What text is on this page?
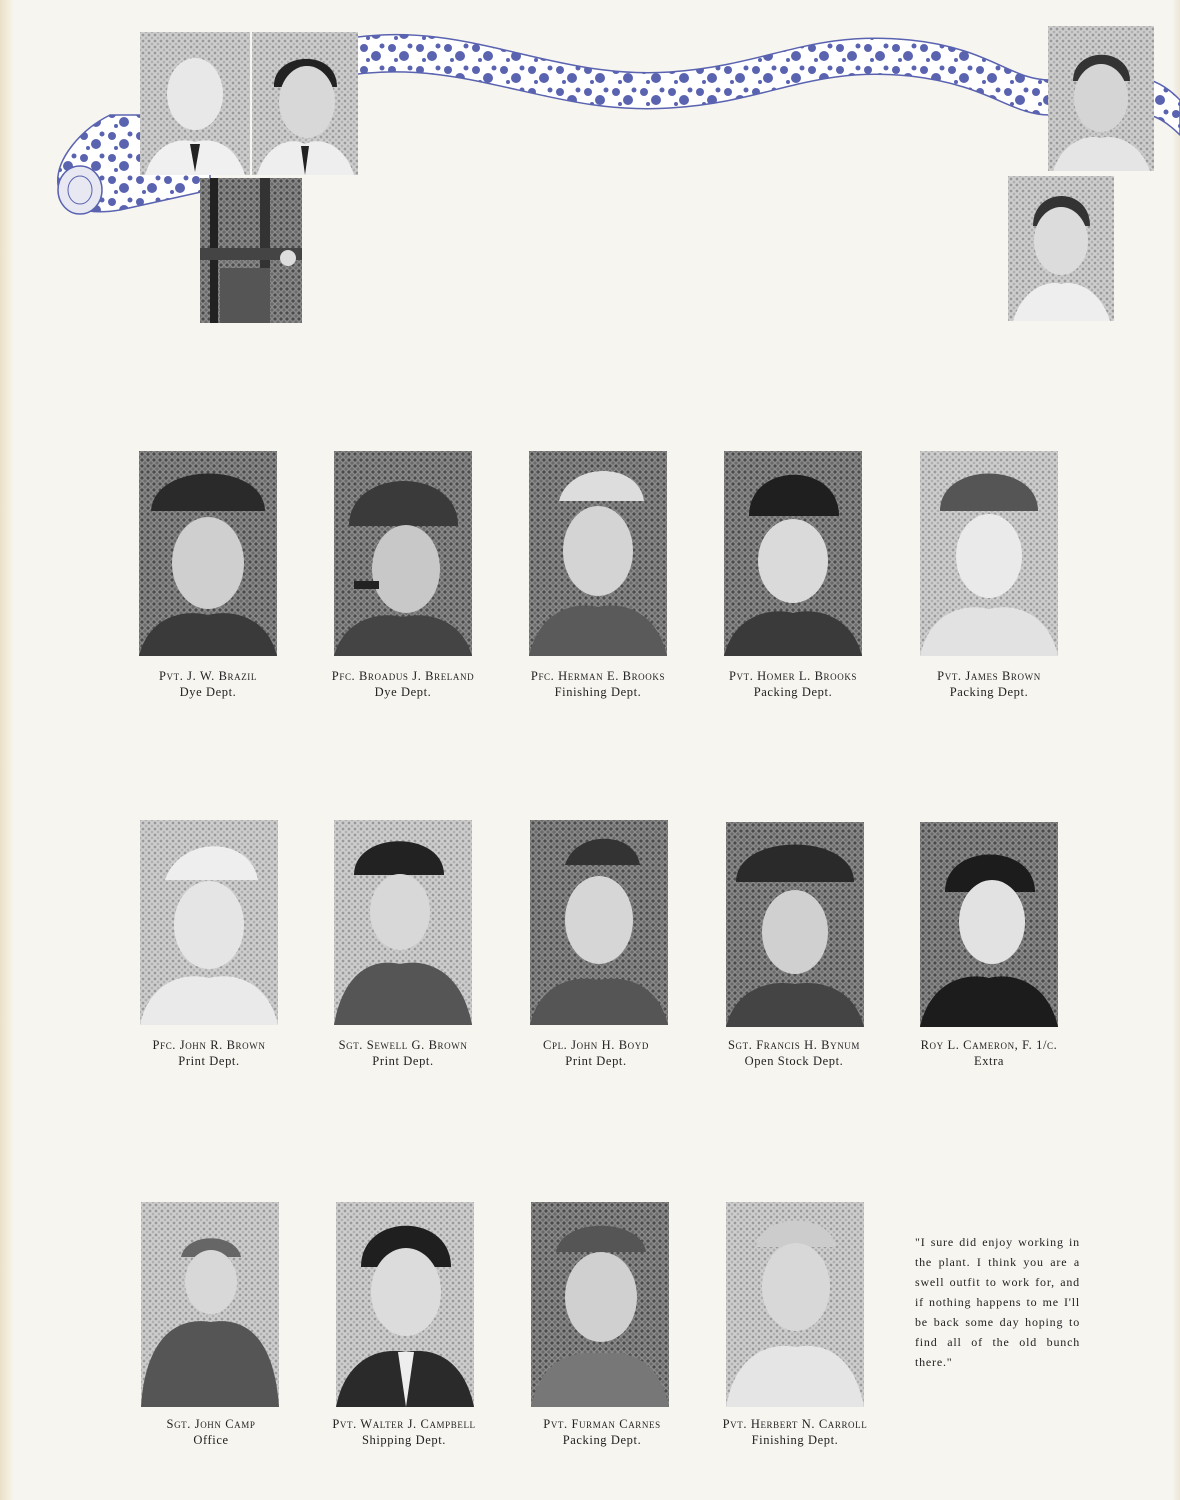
Pvt. J. W. Brazil
Dye Dept.
Pfc. Broadus J. Breland
Dye Dept.
Pfc. Herman E. Brooks
Finishing Dept.
Pvt. Homer L. Brooks
Packing Dept.
Pvt. James Brown
Packing Dept.
Pfc. John R. Brown
Print Dept.
Sgt. Sewell G. Brown
Print Dept.
Cpl. John H. Boyd
Print Dept.
Sgt. Francis H. Bynum
Open Stock Dept.
Roy L. Cameron, F. 1/c.
Extra
Sgt. John Camp
Office
Pvt. Walter J. Campbell
Shipping Dept.
Pvt. Furman Carnes
Packing Dept.
Pvt. Herbert N. Carroll
Finishing Dept.
"I sure did enjoy working in the plant. I think you are a swell outfit to work for, and if nothing happens to me I'll be back some day hoping to find all of the old bunch there."
